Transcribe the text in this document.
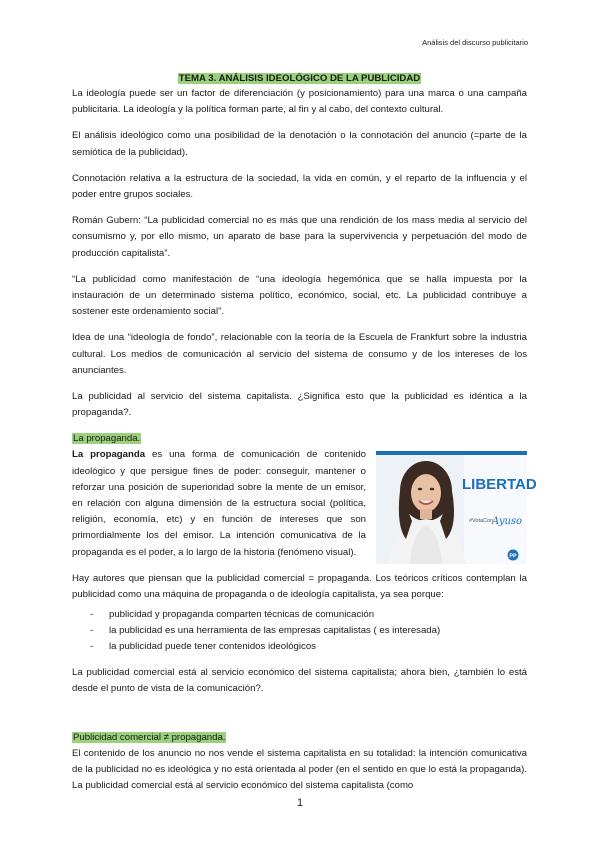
Análisis del discurso publicitario
TEMA 3. ANÁLISIS IDEOLÓGICO DE LA PUBLICIDAD

La ideología puede ser un factor de diferenciación (y posicionamiento) para una marca o una campaña publicitaria. La ideología y la política forman parte, al fin y al cabo, del contexto cultural.

El análisis ideológico como una posibilidad de la denotación o la connotación del anuncio (=parte de la semiótica de la publicidad).

Connotación relativa a la estructura de la sociedad, la vida en común, y el reparto de la influencia y el poder entre grupos sociales.

Román Gubern: “La publicidad comercial no es más que una rendición de los mass media al servicio del consumismo y, por ello mismo, un aparato de base para la supervivencia y perpetuación del modo de producción capitalista”.

“La publicidad como manifestación de “una ideología hegemónica que se halla impuesta por la instauración de un determinado sistema político, económico, social, etc. La publicidad contribuye a sostener este ordenamiento social”.

Idea de una “ideología de fondo”, relacionable con la teoría de la Escuela de Frankfurt sobre la industria cultural. Los medios de comunicación al servicio del sistema de consumo y de los intereses de los anunciantes.

La publicidad al servicio del sistema capitalista. ¿Significa esto que la publicidad es idéntica a la propaganda?.

La propaganda.
LIBERTAD
#VotaCon
Ayuso
PP

La propaganda es una forma de comunicación de contenido ideológico y que persigue fines de poder: conseguir, mantener o reforzar una posición de superioridad sobre la mente de un emisor, en relación con alguna dimensión de la estructura social (política, religión, economía, etc) y en función de intereses que son primordialmente los del emisor. La intención comunicativa de la propaganda es el poder, a lo largo de la historia (fenómeno visual).

Hay autores que piensan que la publicidad comercial = propaganda. Los teóricos críticos contemplan la publicidad como una máquina de propaganda o de ideología capitalista, ya sea porque:

- publicidad y propaganda comparten técnicas de comunicación
- la publicidad es una herramienta de las empresas capitalistas ( es interesada)
- la publicidad puede tener contenidos ideológicos

La publicidad comercial está al servicio económico del sistema capitalista; ahora bien, ¿también lo está desde el punto de vista de la comunicación?.

Publicidad comercial ≠ propaganda.

El contenido de los anuncio no nos vende el sistema capitalista en su totalidad: la intención comunicativa de la publicidad no es ideológica y no está orientada al poder (en el sentido en que lo está la propaganda). La publicidad comercial está al servicio económico del sistema capitalista (como

1
